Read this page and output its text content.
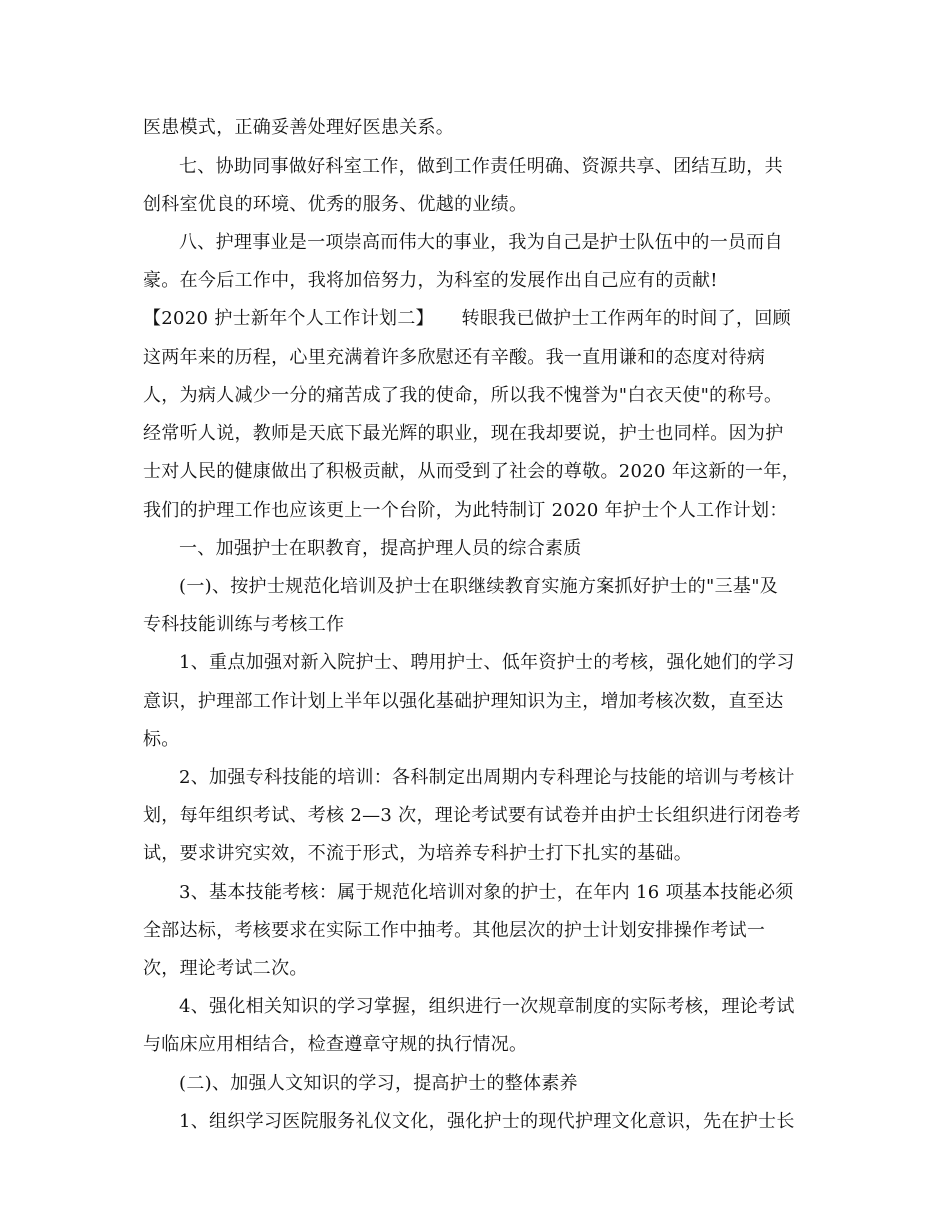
医患模式，正确妥善处理好医患关系。
七、协助同事做好科室工作，做到工作责任明确、资源共享、团结互助，共
创科室优良的环境、优秀的服务、优越的业绩。
八、护理事业是一项崇高而伟大的事业，我为自己是护士队伍中的一员而自
豪。在今后工作中，我将加倍努力，为科室的发展作出自己应有的贡献!
【2020 护士新年个人工作计划二】　　转眼我已做护士工作两年的时间了，回顾
这两年来的历程，心里充满着许多欣慰还有辛酸。我一直用谦和的态度对待病
人，为病人减少一分的痛苦成了我的使命，所以我不愧誉为"白衣天使"的称号。
经常听人说，教师是天底下最光辉的职业，现在我却要说，护士也同样。因为护
士对人民的健康做出了积极贡献，从而受到了社会的尊敬。2020 年这新的一年，
我们的护理工作也应该更上一个台阶，为此特制订 2020 年护士个人工作计划：
一、加强护士在职教育，提高护理人员的综合素质
(一)、按护士规范化培训及护士在职继续教育实施方案抓好护士的"三基"及
专科技能训练与考核工作
1、重点加强对新入院护士、聘用护士、低年资护士的考核，强化她们的学习
意识，护理部工作计划上半年以强化基础护理知识为主，增加考核次数，直至达
标。
2、加强专科技能的培训：各科制定出周期内专科理论与技能的培训与考核计
划，每年组织考试、考核 2—3 次，理论考试要有试卷并由护士长组织进行闭卷考
试，要求讲究实效，不流于形式，为培养专科护士打下扎实的基础。
3、基本技能考核：属于规范化培训对象的护士，在年内 16 项基本技能必须
全部达标，考核要求在实际工作中抽考。其他层次的护士计划安排操作考试一
次，理论考试二次。
4、强化相关知识的学习掌握，组织进行一次规章制度的实际考核，理论考试
与临床应用相结合，检查遵章守规的执行情况。
(二)、加强人文知识的学习，提高护士的整体素养
1、组织学习医院服务礼仪文化，强化护士的现代护理文化意识，先在护士长
